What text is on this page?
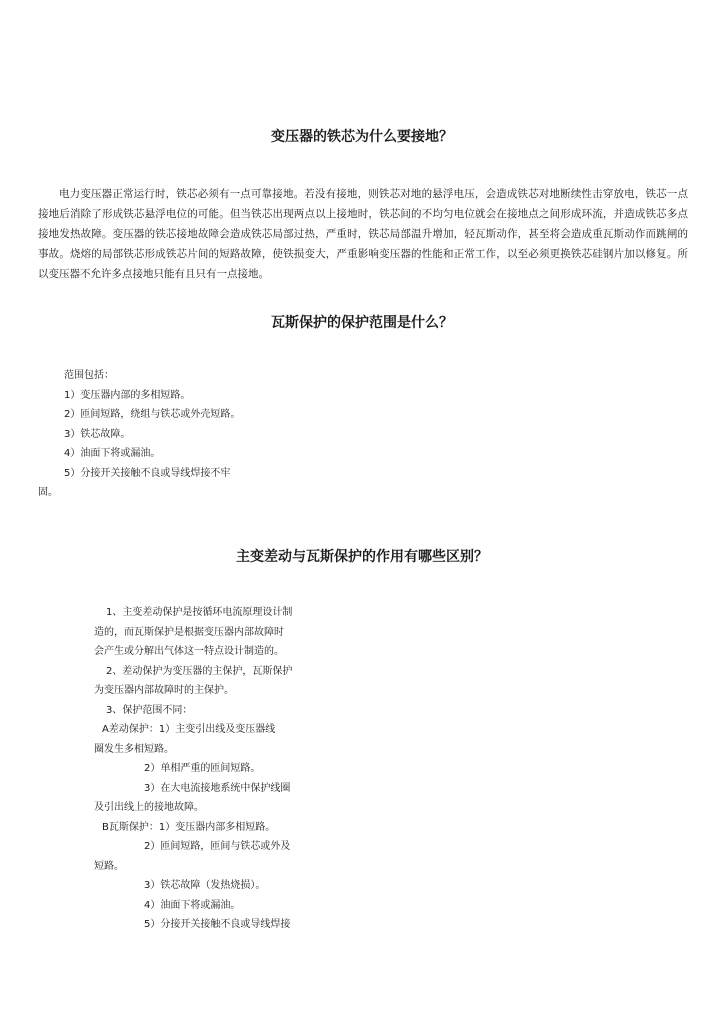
变压器的铁芯为什么要接地？

电力变压器正常运行时，铁芯必须有一点可靠接地。若没有接地，则铁芯对地的悬浮电压，会造成铁芯对地断续性击穿放电，铁芯一点接地后消除了形成铁芯悬浮电位的可能。但当铁芯出现两点以上接地时，铁芯间的不均匀电位就会在接地点之间形成环流，并造成铁芯多点接地发热故障。变压器的铁芯接地故障会造成铁芯局部过热，严重时，铁芯局部温升增加，轻瓦斯动作，甚至将会造成重瓦斯动作而跳闸的事故。烧熔的局部铁芯形成铁芯片间的短路故障，使铁损变大，严重影响变压器的性能和正常工作，以至必须更换铁芯硅钢片加以修复。所以变压器不允许多点接地只能有且只有一点接地。

瓦斯保护的保护范围是什么？
范围包括：
1）变压器内部的多相短路。
2）匝间短路，绕组与铁芯或外壳短路。
3）铁芯故障。
4）油面下将或漏油。
5）分接开关接触不良或导线焊接不牢
固。
主变差动与瓦斯保护的作用有哪些区别？
1、主变差动保护是按循环电流原理设计制
造的，而瓦斯保护是根据变压器内部故障时
会产生或分解出气体这一特点设计制造的。
2、差动保护为变压器的主保护，瓦斯保护
为变压器内部故障时的主保护。
3、保护范围不同：
A差动保护：1）主变引出线及变压器线
圈发生多相短路。
2）单相严重的匝间短路。
3）在大电流接地系统中保护线圈
及引出线上的接地故障。
B瓦斯保护：1）变压器内部多相短路。
2）匝间短路，匝间与铁芯或外及
短路。
3）铁芯故障（发热烧损）。
4）油面下将或漏油。
5）分接开关接触不良或导线焊接
